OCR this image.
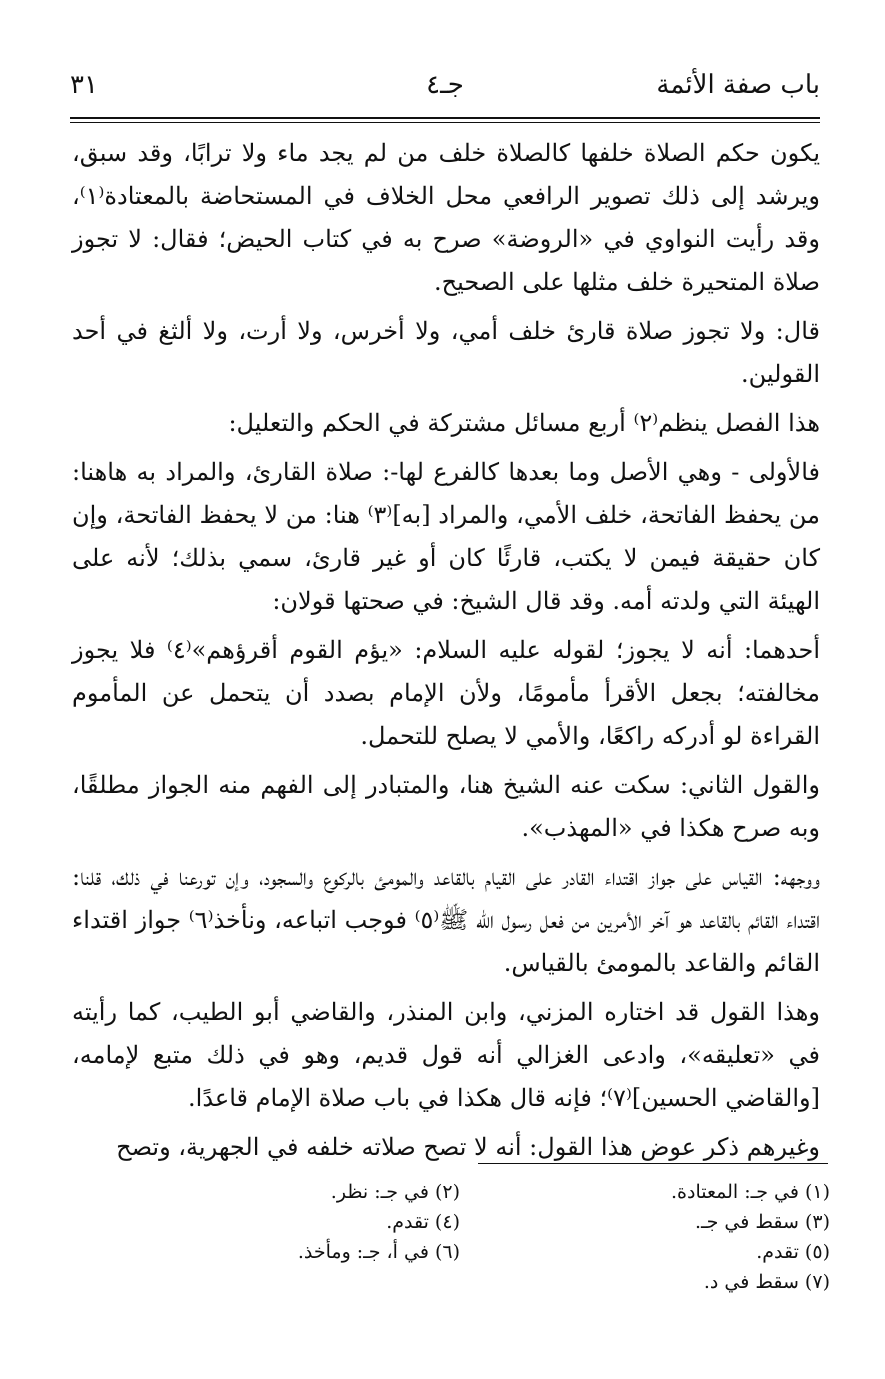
باب صفة الأئمة
جـ٤
٣١

يكون حكم الصلاة خلفها كالصلاة خلف من لم يجد ماء ولا ترابًا، وقد سبق، ويرشد إلى ذلك تصوير الرافعي محل الخلاف في المستحاضة بالمعتادة⁽١⁾، وقد رأيت النواوي في «الروضة» صرح به في كتاب الحيض؛ فقال: لا تجوز صلاة المتحيرة خلف مثلها على الصحيح.

قال: ولا تجوز صلاة قارئ خلف أمي، ولا أخرس، ولا أرت، ولا ألثغ في أحد القولين.

هذا الفصل ينظم⁽٢⁾ أربع مسائل مشتركة في الحكم والتعليل:

فالأولى - وهي الأصل وما بعدها كالفرع لها-: صلاة القارئ، والمراد به هاهنا: من يحفظ الفاتحة، خلف الأمي، والمراد [به]⁽٣⁾ هنا: من لا يحفظ الفاتحة، وإن كان حقيقة فيمن لا يكتب، قارئًا كان أو غير قارئ، سمي بذلك؛ لأنه على الهيئة التي ولدته أمه. وقد قال الشيخ: في صحتها قولان:

أحدهما: أنه لا يجوز؛ لقوله عليه السلام: «يؤم القوم أقرؤهم»⁽٤⁾ فلا يجوز مخالفته؛ بجعل الأقرأ مأمومًا، ولأن الإمام بصدد أن يتحمل عن المأموم القراءة لو أدركه راكعًا، والأمي لا يصلح للتحمل.

والقول الثاني: سكت عنه الشيخ هنا، والمتبادر إلى الفهم منه الجواز مطلقًا، وبه صرح هكذا في «المهذب».

ووجهه: القياس على جواز اقتداء القادر على القيام بالقاعد والمومئ بالركوع والسجود، وإن تورعنا في ذلك، قلنا: اقتداء القائم بالقاعد هو آخر الأمرين من فعل رسول الله ﷺ⁽٥⁾ فوجب اتباعه، ونأخذ⁽٦⁾ جواز اقتداء القائم والقاعد بالمومئ بالقياس.

وهذا القول قد اختاره المزني، وابن المنذر، والقاضي أبو الطيب، كما رأيته في «تعليقه»، وادعى الغزالي أنه قول قديم، وهو في ذلك متبع لإمامه، [والقاضي الحسين]⁽٧⁾؛ فإنه قال هكذا في باب صلاة الإمام قاعدًا.

وغيرهم ذكر عوض هذا القول: أنه لا تصح صلاته خلفه في الجهرية، وتصح

(١) في جـ: المعتادة.
(٢) في جـ: نظر.
(٣) سقط في جـ.
(٤) تقدم.
(٥) تقدم.
(٦) في أ، جـ: ومأخذ.
(٧) سقط في د.
